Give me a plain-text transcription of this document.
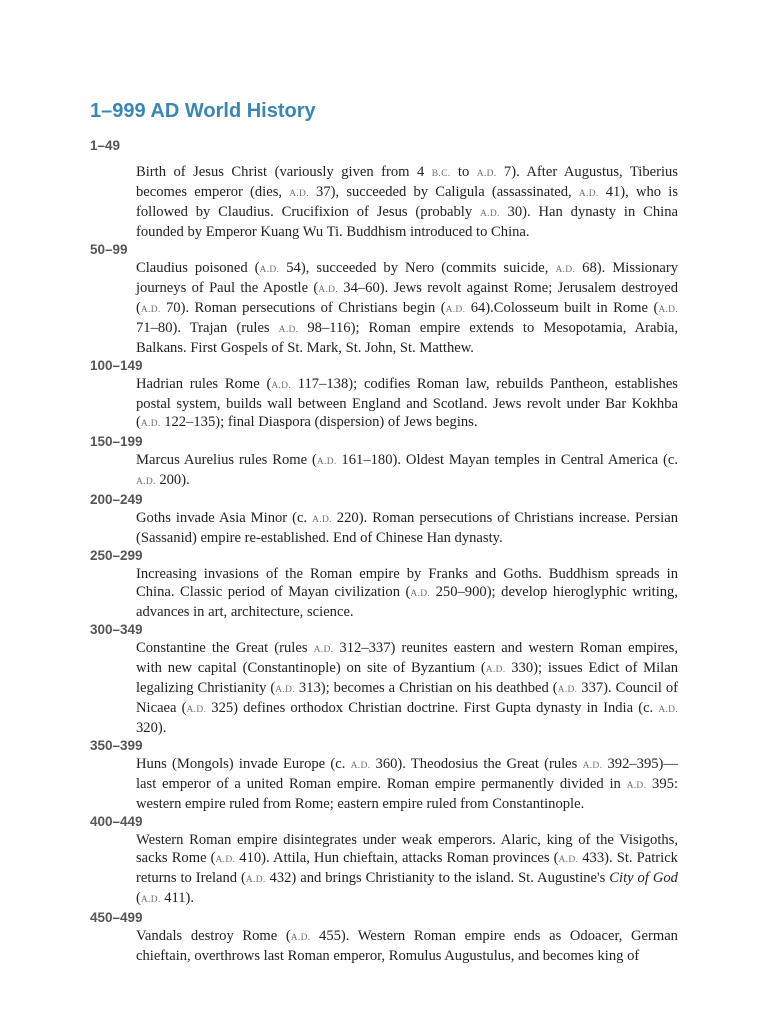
1–999 AD World History
1–49

Birth of Jesus Christ (variously given from 4 B.C. to A.D. 7). After Augustus, Tiberius becomes emperor (dies, A.D. 37), succeeded by Caligula (assassinated, A.D. 41), who is followed by Claudius. Crucifixion of Jesus (probably A.D. 30). Han dynasty in China founded by Emperor Kuang Wu Ti. Buddhism introduced to China.

50–99

Claudius poisoned (A.D. 54), succeeded by Nero (commits suicide, A.D. 68). Missionary journeys of Paul the Apostle (A.D. 34–60). Jews revolt against Rome; Jerusalem destroyed (A.D. 70). Roman persecutions of Christians begin (A.D. 64).Colosseum built in Rome (A.D. 71–80). Trajan (rules A.D. 98–116); Roman empire extends to Mesopotamia, Arabia, Balkans. First Gospels of St. Mark, St. John, St. Matthew.

100–149

Hadrian rules Rome (A.D. 117–138); codifies Roman law, rebuilds Pantheon, establishes postal system, builds wall between England and Scotland. Jews revolt under Bar Kokhba (A.D. 122–135); final Diaspora (dispersion) of Jews begins.

150–199

Marcus Aurelius rules Rome (A.D. 161–180). Oldest Mayan temples in Central America (c. A.D. 200).

200–249

Goths invade Asia Minor (c. A.D. 220). Roman persecutions of Christians increase. Persian (Sassanid) empire re-established. End of Chinese Han dynasty.

250–299

Increasing invasions of the Roman empire by Franks and Goths. Buddhism spreads in China. Classic period of Mayan civilization (A.D. 250–900); develop hieroglyphic writing, advances in art, architecture, science.

300–349

Constantine the Great (rules A.D. 312–337) reunites eastern and western Roman empires, with new capital (Constantinople) on site of Byzantium (A.D. 330); issues Edict of Milan legalizing Christianity (A.D. 313); becomes a Christian on his deathbed (A.D. 337). Council of Nicaea (A.D. 325) defines orthodox Christian doctrine. First Gupta dynasty in India (c. A.D. 320).

350–399

Huns (Mongols) invade Europe (c. A.D. 360). Theodosius the Great (rules A.D. 392–395)—last emperor of a united Roman empire. Roman empire permanently divided in A.D. 395: western empire ruled from Rome; eastern empire ruled from Constantinople.

400–449

Western Roman empire disintegrates under weak emperors. Alaric, king of the Visigoths, sacks Rome (A.D. 410). Attila, Hun chieftain, attacks Roman provinces (A.D. 433). St. Patrick returns to Ireland (A.D. 432) and brings Christianity to the island. St. Augustine's City of God (A.D. 411).

450–499

Vandals destroy Rome (A.D. 455). Western Roman empire ends as Odoacer, German chieftain, overthrows last Roman emperor, Romulus Augustulus, and becomes king of
